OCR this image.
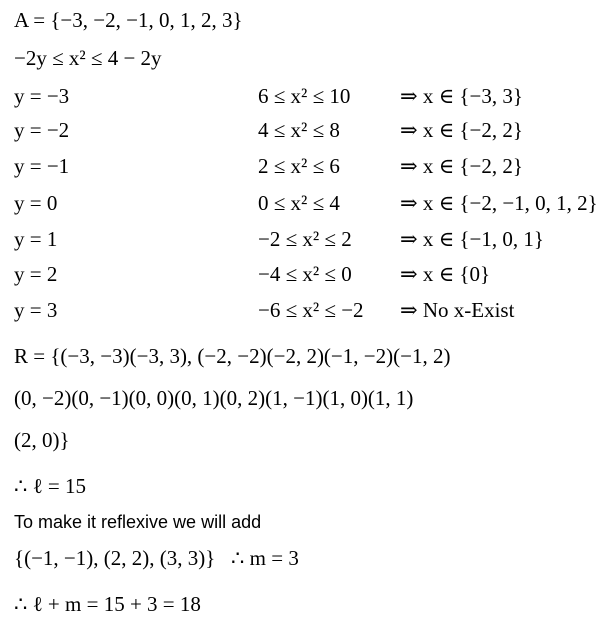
A = {−3, −2, −1, 0, 1, 2, 3}
−2y ≤ x² ≤ 4 − 2y
y = −3	6 ≤ x² ≤ 10 ⇒ x ∈ {−3, 3}
y = −2	4 ≤ x² ≤ 8	⇒ x ∈ {−2, 2}
y = −1	2 ≤ x² ≤ 6	⇒ x ∈ {−2, 2}
y = 0	0 ≤ x² ≤ 4	⇒ x ∈ {−2, −1, 0, 1, 2}
y = 1	−2 ≤ x² ≤ 2 ⇒ x ∈ {−1, 0, 1}
y = 2	−4 ≤ x² ≤ 0 ⇒ x ∈ {0}
y = 3	−6 ≤ x² ≤ −2 ⇒ No x-Exist
R = {(−3, −3)(−3, 3), (−2, −2)(−2, 2)(−1, −2)(−1, 2)
(0, −2)(0, −1)(0, 0)(0, 1)(0, 2)(1, −1)(1, 0)(1, 1)
(2, 0)}
∴ ℓ = 15
To make it reflexive we will add
{(−1, −1), (2, 2), (3, 3)}   ∴ m = 3
∴ ℓ + m = 15 + 3 = 18
